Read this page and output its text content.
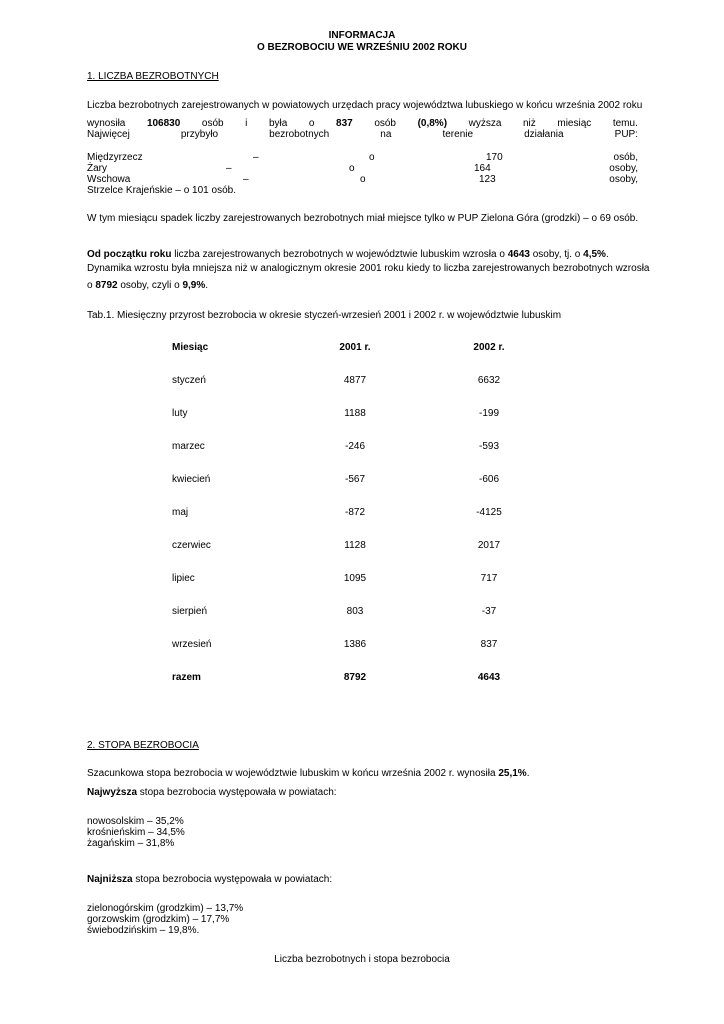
INFORMACJA
O BEZROBOCIU WE WRZEŚNIU 2002 ROKU
1. LICZBA BEZROBOTNYCH
Liczba bezrobotnych zarejestrowanych w powiatowych urzędach pracy województwa lubuskiego w końcu września 2002 roku
wynosiła 106830 osób i była o 837 osób (0,8%) wyższa niż miesiąc temu.
Najwięcej	przybyło	bezrobotnych	na	terenie	działania	PUP:
Międzyrzecz	–	o	170	osób,
Żary	–	o	164	osoby,
Wschowa	–	o	123	osoby,
Strzelce Krajeńskie – o 101 osób.
W tym miesiącu spadek liczby zarejestrowanych bezrobotnych miał miejsce tylko w PUP Zielona Góra (grodzki) – o 69 osób.
Od początku roku liczba zarejestrowanych bezrobotnych w województwie lubuskim wzrosła o 4643 osoby, tj. o 4,5%.
Dynamika wzrostu była mniejsza niż w analogicznym okresie 2001 roku kiedy to liczba zarejestrowanych bezrobotnych wzrosła
o 8792 osoby, czyli o 9,9%.
Tab.1. Miesięczny przyrost bezrobocia w okresie styczeń-wrzesień 2001 i 2002 r. w województwie lubuskim
Miesiąc	2001 r.	2002 r.
styczeń	4877	6632
luty	1188	-199
marzec	-246	-593
kwiecień	-567	-606
maj	-872	-4125
czerwiec	1128	2017
lipiec	1095	717
sierpień	803	-37
wrzesień	1386	837
razem	8792	4643
2. STOPA BEZROBOCIA
Szacunkowa stopa bezrobocia w województwie lubuskim w końcu września 2002 r. wynosiła 25,1%.
Najwyższa stopa bezrobocia występowała w powiatach:
nowosolskim – 35,2%
krośnieńskim – 34,5%
żagańskim – 31,8%
Najniższa stopa bezrobocia występowała w powiatach:
zielonogórskim (grodzkim) – 13,7%
gorzowskim (grodzkim) – 17,7%
świebodzińskim – 19,8%.
Liczba bezrobotnych i stopa bezrobocia
